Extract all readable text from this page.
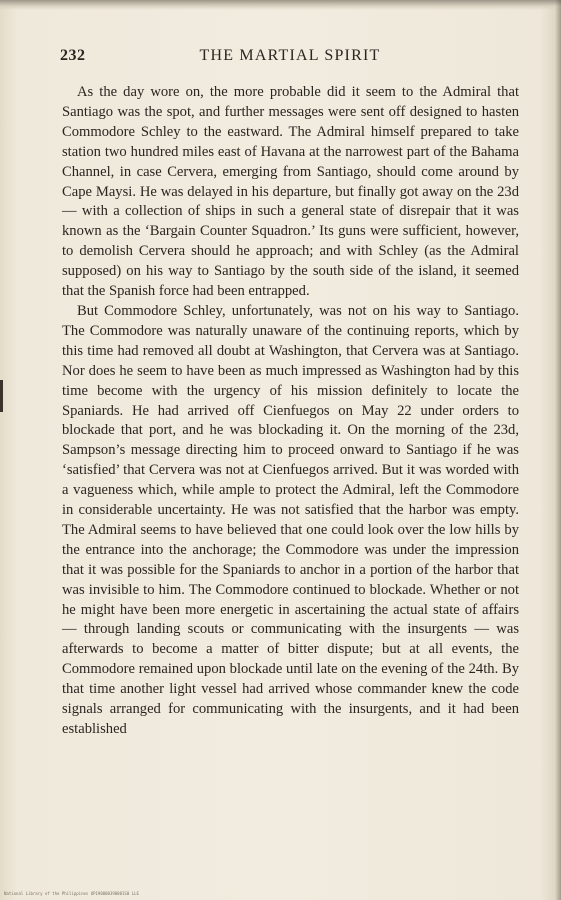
232	THE MARTIAL SPIRIT

As the day wore on, the more probable did it seem to the Admiral that Santiago was the spot, and further messages were sent off designed to hasten Commodore Schley to the eastward. The Admiral himself prepared to take station two hundred miles east of Havana at the narrowest part of the Bahama Channel, in case Cervera, emerging from Santiago, should come around by Cape Maysi. He was delayed in his departure, but finally got away on the 23d — with a collection of ships in such a general state of disrepair that it was known as the ‘Bargain Counter Squadron.’ Its guns were sufficient, however, to demolish Cervera should he approach; and with Schley (as the Admiral supposed) on his way to Santiago by the south side of the island, it seemed that the Spanish force had been entrapped.

But Commodore Schley, unfortunately, was not on his way to Santiago. The Commodore was naturally unaware of the continuing reports, which by this time had removed all doubt at Washington, that Cervera was at Santiago. Nor does he seem to have been as much impressed as Washington had by this time become with the urgency of his mission definitely to locate the Spaniards. He had arrived off Cienfuegos on May 22 under orders to blockade that port, and he was blockading it. On the morning of the 23d, Sampson’s message directing him to proceed onward to Santiago if he was ‘satisfied’ that Cervera was not at Cienfuegos arrived. But it was worded with a vagueness which, while ample to protect the Admiral, left the Commodore in considerable uncertainty. He was not satisfied that the harbor was empty. The Admiral seems to have believed that one could look over the low hills by the entrance into the anchorage; the Commodore was under the impression that it was possible for the Spaniards to anchor in a portion of the harbor that was invisible to him. The Commodore continued to blockade. Whether or not he might have been more energetic in ascertaining the actual state of affairs — through landing scouts or communicating with the insurgents — was afterwards to become a matter of bitter dispute; but at all events, the Commodore remained upon blockade until late on the evening of the 24th. By that time another light vessel had arrived whose commander knew the code signals arranged for communicating with the insurgents, and it had been established

National Library of the Philippines UP190000390001S0 LLE
